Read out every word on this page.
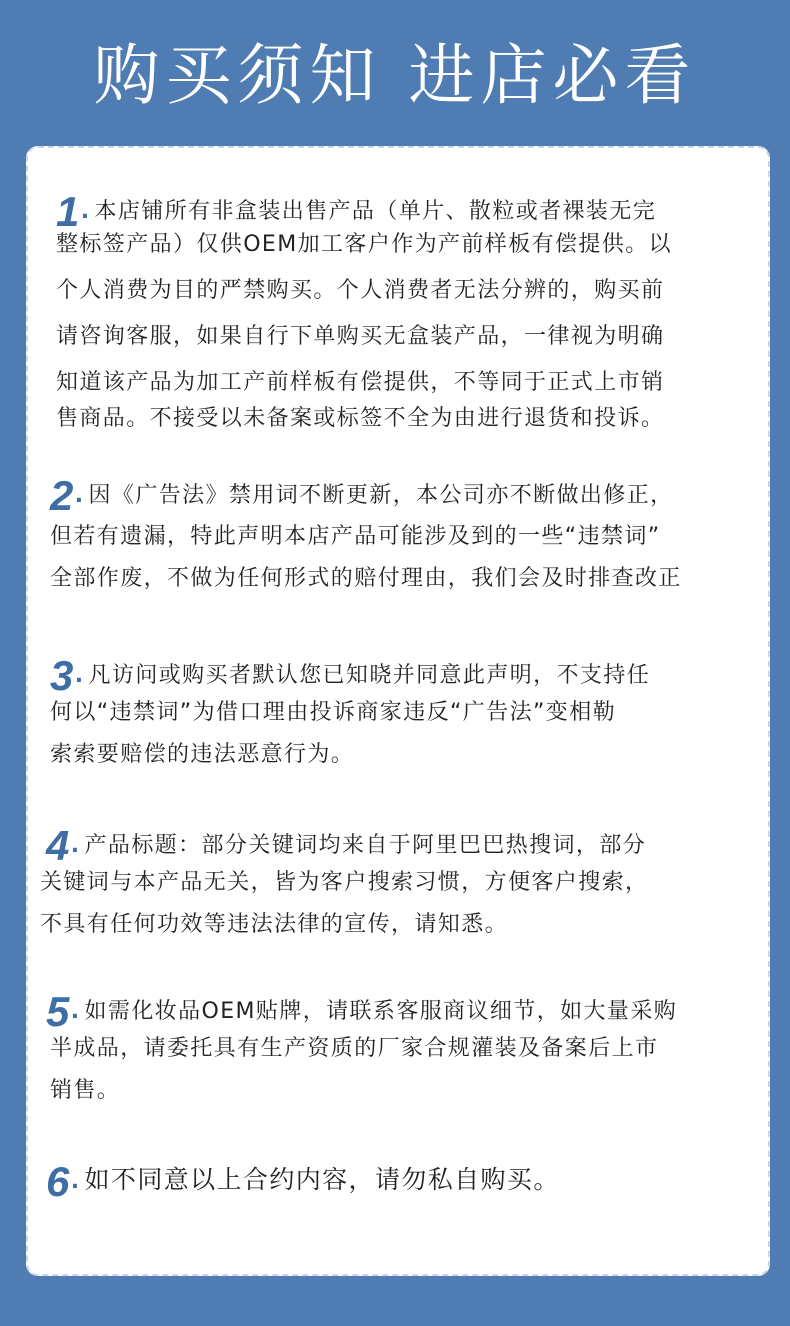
购买须知 进店必看
1. 本店铺所有非盒装出售产品（单片、散粒或者裸装无完
整标签产品）仅供OEM加工客户作为产前样板有偿提供。以
个人消费为目的严禁购买。个人消费者无法分辨的，购买前
请咨询客服，如果自行下单购买无盒装产品，一律视为明确
知道该产品为加工产前样板有偿提供，不等同于正式上市销
售商品。不接受以未备案或标签不全为由进行退货和投诉。
2. 因《广告法》禁用词不断更新，本公司亦不断做出修正，
但若有遗漏，特此声明本店产品可能涉及到的一些“违禁词”
全部作废，不做为任何形式的赔付理由，我们会及时排查改正
3. 凡访问或购买者默认您已知晓并同意此声明，不支持任
何以“违禁词”为借口理由投诉商家违反“广告法”变相勒
索索要赔偿的违法恶意行为。
4. 产品标题：部分关键词均来自于阿里巴巴热搜词，部分
关键词与本产品无关，皆为客户搜索习惯，方便客户搜索，
不具有任何功效等违法法律的宣传，请知悉。
5. 如需化妆品OEM贴牌，请联系客服商议细节，如大量采购
半成品，请委托具有生产资质的厂家合规灌装及备案后上市
销售。
6. 如不同意以上合约内容，请勿私自购买。
